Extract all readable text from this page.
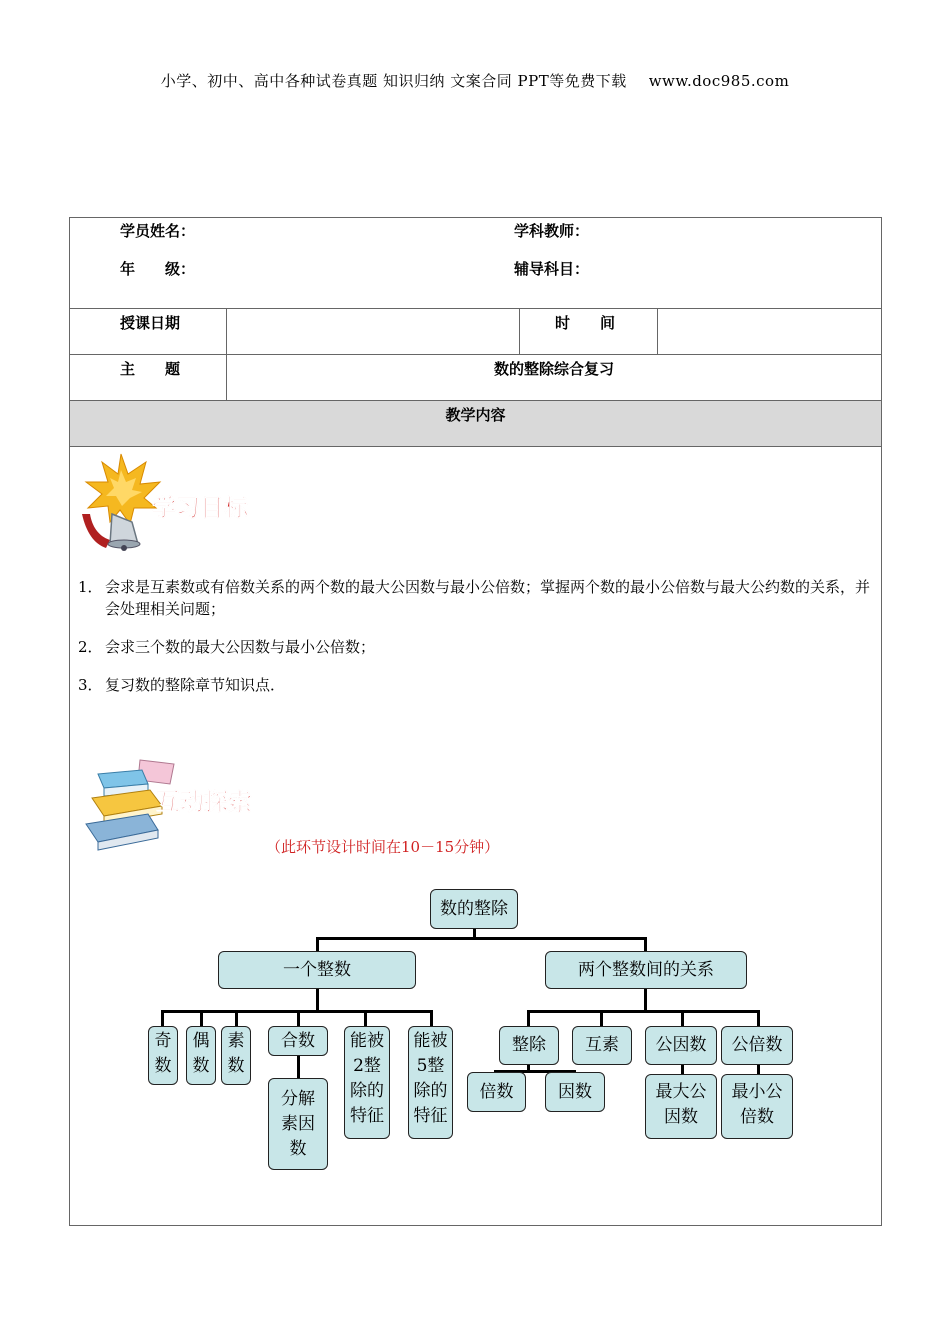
小学、初中、高中各种试卷真题 知识归纳 文案合同 PPT等免费下载 www.doc985.com
学员姓名： 学科教师：
年　　级： 辅导科目：			

授课日期		时　　间	

主　　题	数的整除综合复习		

教学内容			
学习目标
1． 会求是互素数或有倍数关系的两个数的最大公因数与最小公倍数；掌握两个数的最小公倍数与最大公约数的关系，并会处理相关问题；
2． 会求三个数的最大公因数与最小公倍数；
3． 复习数的整除章节知识点．
互动探索
（此环节设计时间在10－15分钟）
数的整除
一个整数	两个整数间的关系
奇数
偶数
素数
合数
分解素因数
能被2整除的特征
能被5整除的特征
整除	互素	公因数	公倍数
倍数	因数	最大公因数
最小公倍数
